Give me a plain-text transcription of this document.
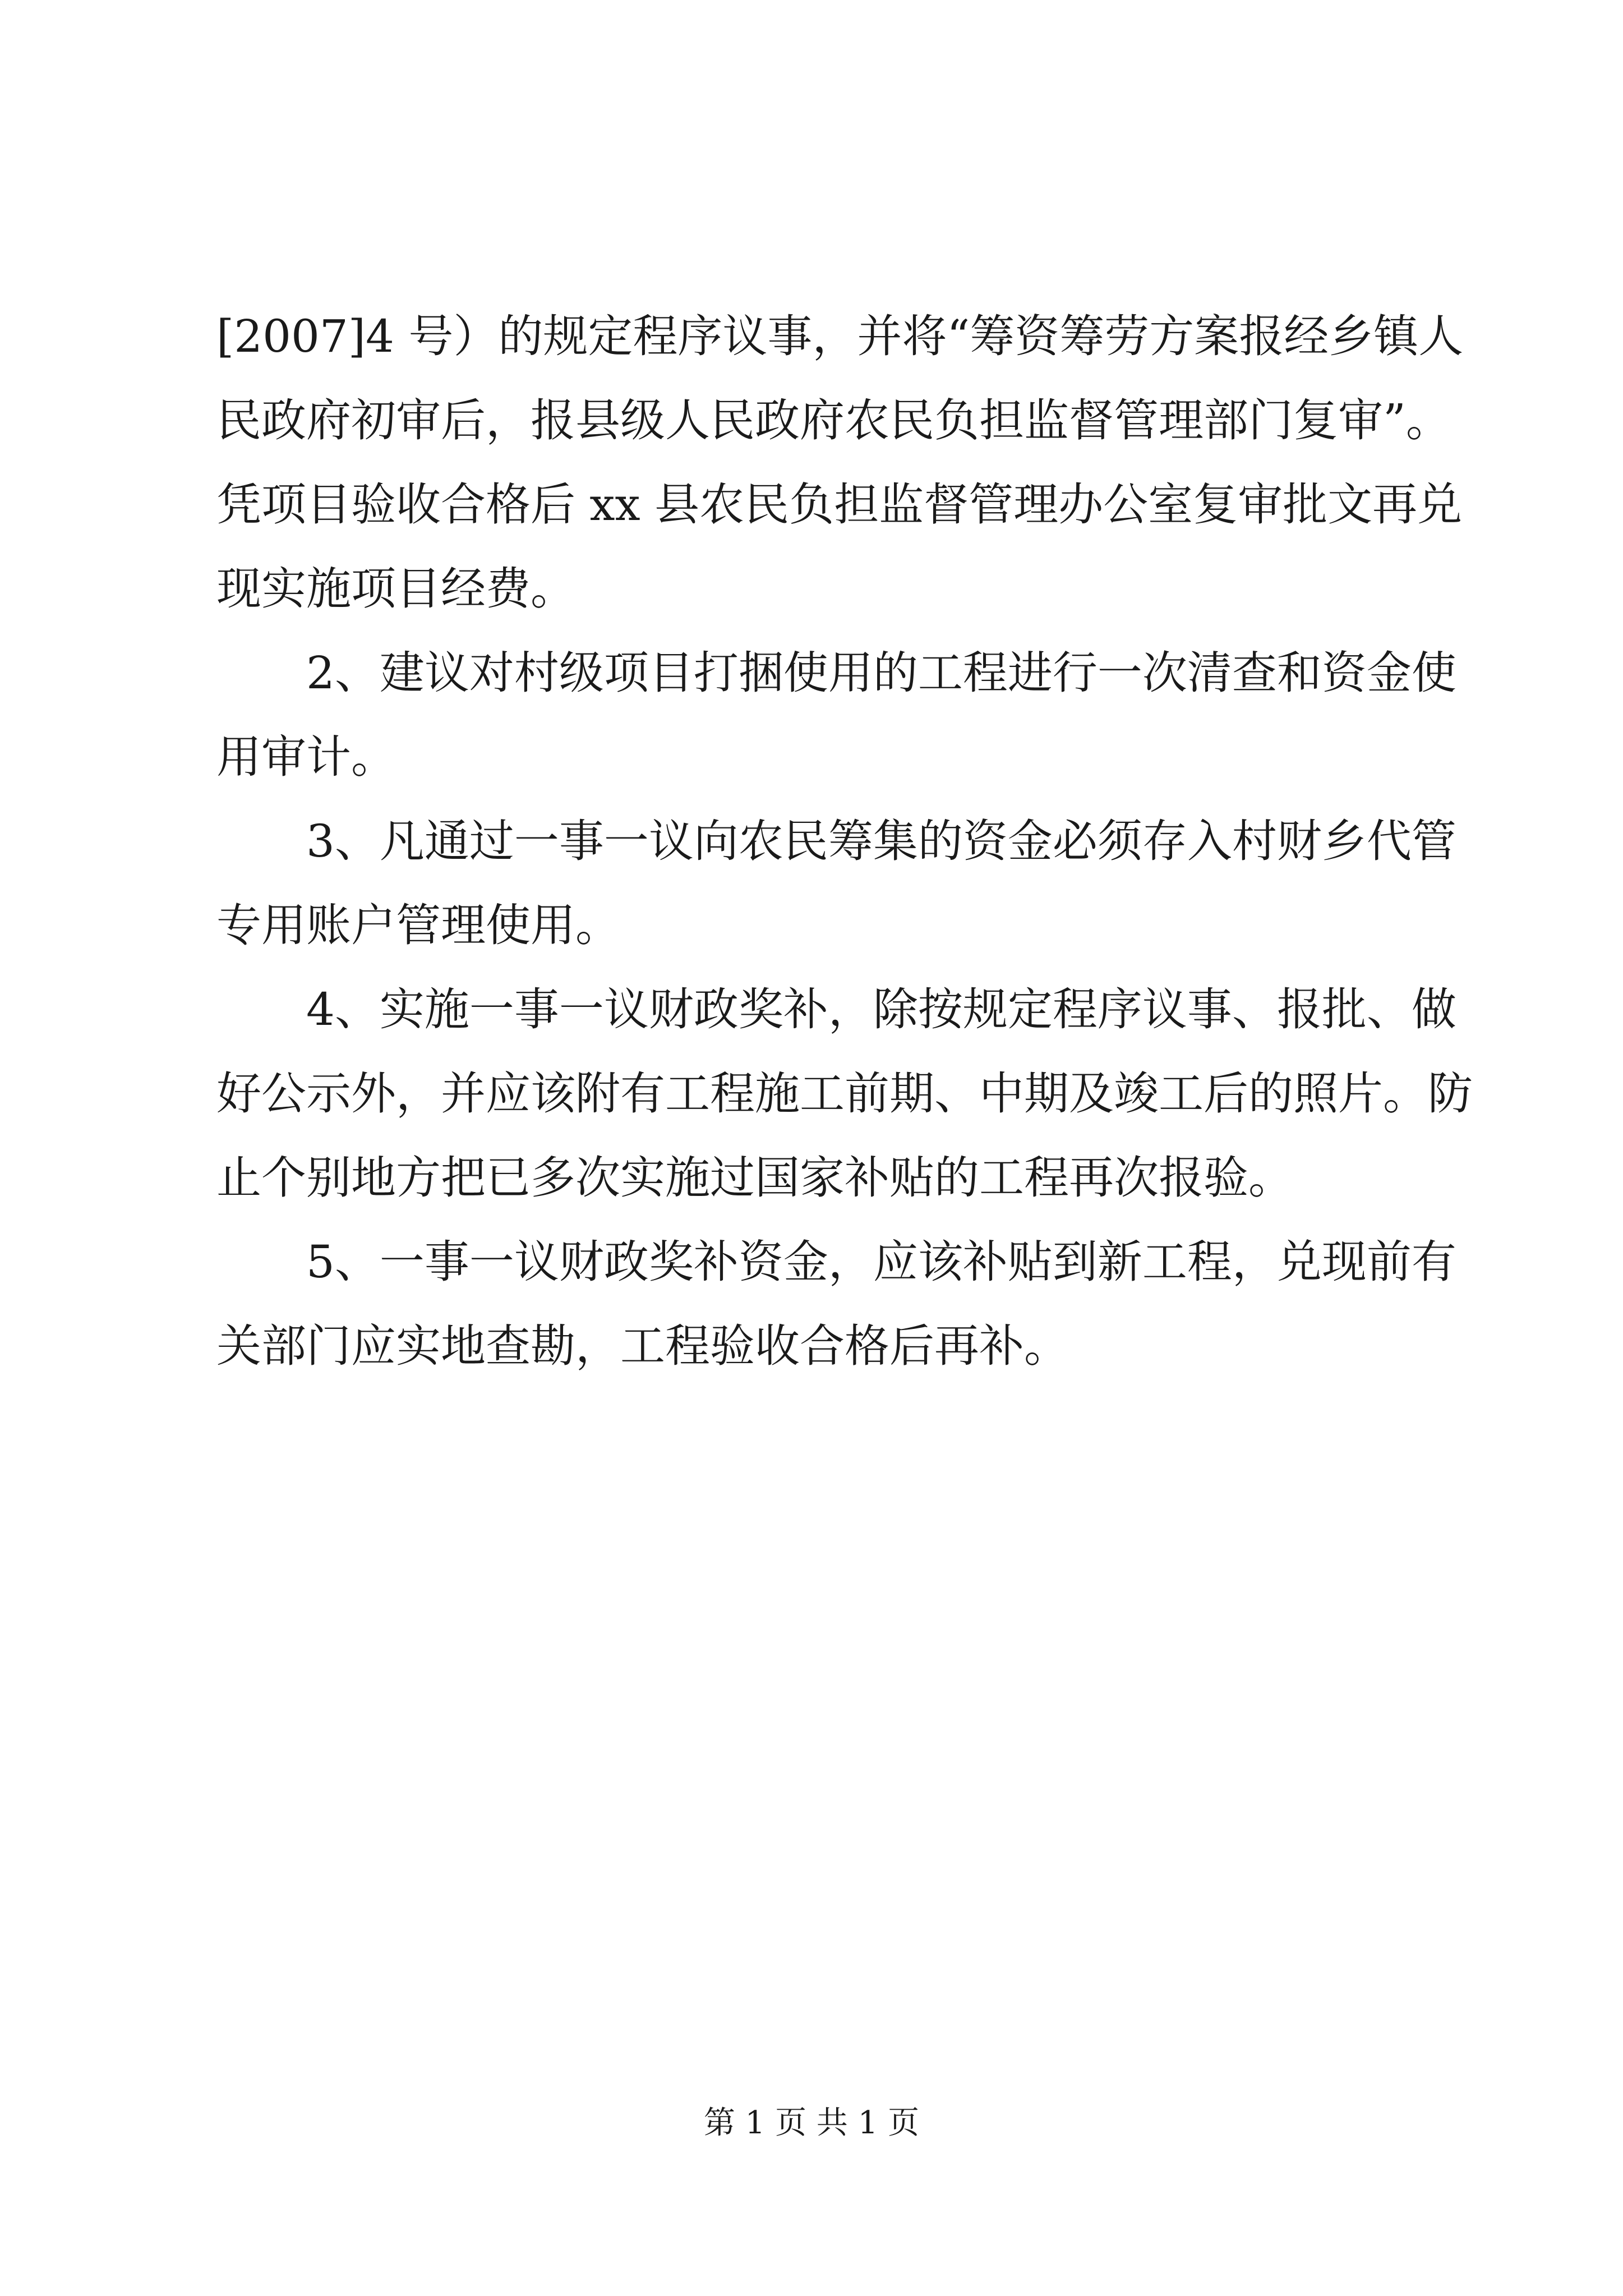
[2007]4 号）的规定程序议事，并将“筹资筹劳方案报经乡镇人
民政府初审后，报县级人民政府农民负担监督管理部门复审”。
凭项目验收合格后 xx 县农民负担监督管理办公室复审批文再兑
现实施项目经费。
2、建议对村级项目打捆使用的工程进行一次清查和资金使
用审计。
3、凡通过一事一议向农民筹集的资金必须存入村财乡代管
专用账户管理使用。
4、实施一事一议财政奖补，除按规定程序议事、报批、做
好公示外，并应该附有工程施工前期、中期及竣工后的照片。防
止个别地方把已多次实施过国家补贴的工程再次报验。
5、一事一议财政奖补资金，应该补贴到新工程，兑现前有
关部门应实地查勘，工程验收合格后再补。
第 1 页 共 1 页
